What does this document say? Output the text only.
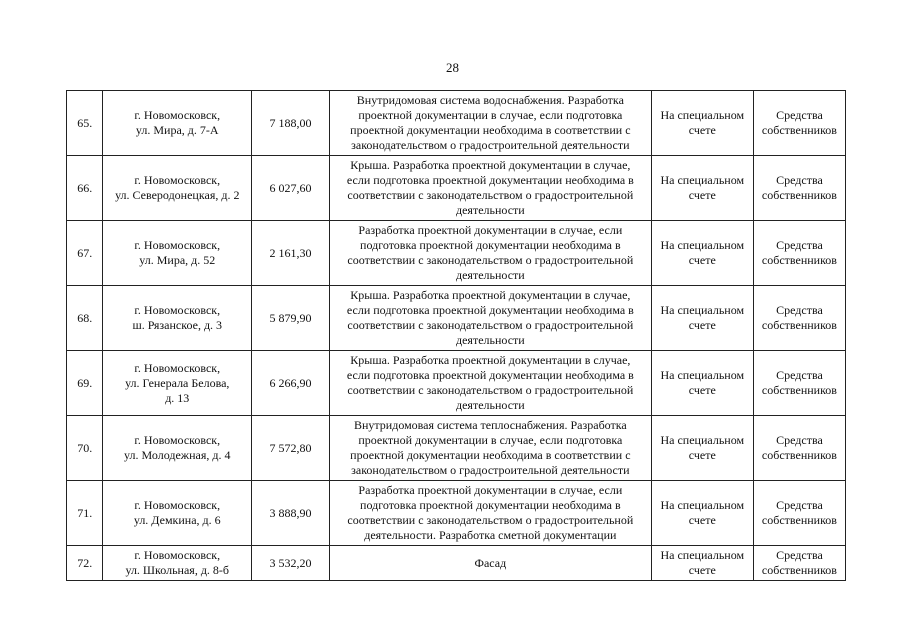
28
65.	г. Новомосковск,
ул. Мира, д. 7-А	7 188,00	Внутридомовая система водоснабжения. Разработка
проектной документации в случае, если подготовка
проектной документации необходима в соответствии с
законодательством о градостроительной деятельности	На специальном
счете	Средства
собственников
66.	г. Новомосковск,
ул. Северодонецкая, д. 2	6 027,60	Крыша. Разработка проектной документации в случае,
если подготовка проектной документации необходима в
соответствии с законодательством о градостроительной
деятельности	На специальном
счете	Средства
собственников
67.	г. Новомосковск,
ул. Мира, д. 52	2 161,30	Разработка проектной документации в случае, если
подготовка проектной документации необходима в
соответствии с законодательством о градостроительной
деятельности	На специальном
счете	Средства
собственников
68.	г. Новомосковск,
ш. Рязанское, д. 3	5 879,90	Крыша. Разработка проектной документации в случае,
если подготовка проектной документации необходима в
соответствии с законодательством о градостроительной
деятельности	На специальном
счете	Средства
собственников
69.	г. Новомосковск,
ул. Генерала Белова,
д. 13	6 266,90	Крыша. Разработка проектной документации в случае,
если подготовка проектной документации необходима в
соответствии с законодательством о градостроительной
деятельности	На специальном
счете	Средства
собственников
70.	г. Новомосковск,
ул. Молодежная, д. 4	7 572,80	Внутридомовая система теплоснабжения. Разработка
проектной документации в случае, если подготовка
проектной документации необходима в соответствии с
законодательством о градостроительной деятельности	На специальном
счете	Средства
собственников
71.	г. Новомосковск,
ул. Демкина, д. 6	3 888,90	Разработка проектной документации в случае, если
подготовка проектной документации необходима в
соответствии с законодательством о градостроительной
деятельности. Разработка сметной документации	На специальном
счете	Средства
собственников
72.	г. Новомосковск,
ул. Школьная, д. 8-б	3 532,20	Фасад	На специальном
счете	Средства
собственников
